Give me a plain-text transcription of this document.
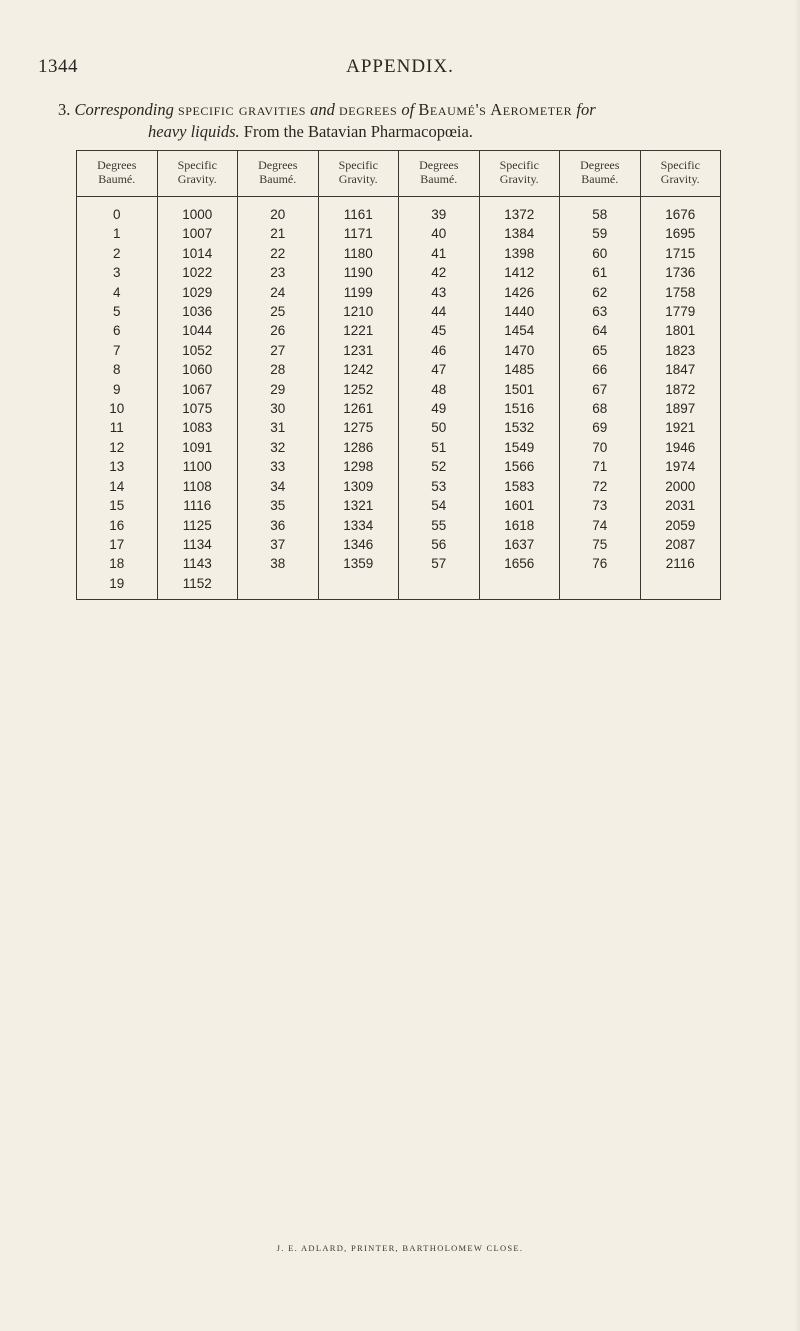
1344	APPENDIX.
3. Corresponding specific gravities and degrees of Beaumé's Aerometer for
heavy liquids. From the Batavian Pharmacopœia.
Degrees Baumé.	Specific Gravity.	Degrees Baumé.	Specific Gravity.	Degrees Baumé.	Specific Gravity.	Degrees Baumé.	Specific Gravity.
0	1000	20	1161	39	1372	58	1676
1	1007	21	1171	40	1384	59	1695
2	1014	22	1180	41	1398	60	1715
3	1022	23	1190	42	1412	61	1736
4	1029	24	1199	43	1426	62	1758
5	1036	25	1210	44	1440	63	1779
6	1044	26	1221	45	1454	64	1801
7	1052	27	1231	46	1470	65	1823
8	1060	28	1242	47	1485	66	1847
9	1067	29	1252	48	1501	67	1872
10	1075	30	1261	49	1516	68	1897
11	1083	31	1275	50	1532	69	1921
12	1091	32	1286	51	1549	70	1946
13	1100	33	1298	52	1566	71	1974
14	1108	34	1309	53	1583	72	2000
15	1116	35	1321	54	1601	73	2031
16	1125	36	1334	55	1618	74	2059
17	1134	37	1346	56	1637	75	2087
18	1143	38	1359	57	1656	76	2116
19	1152						
J. E. ADLARD, PRINTER, BARTHOLOMEW CLOSE.
